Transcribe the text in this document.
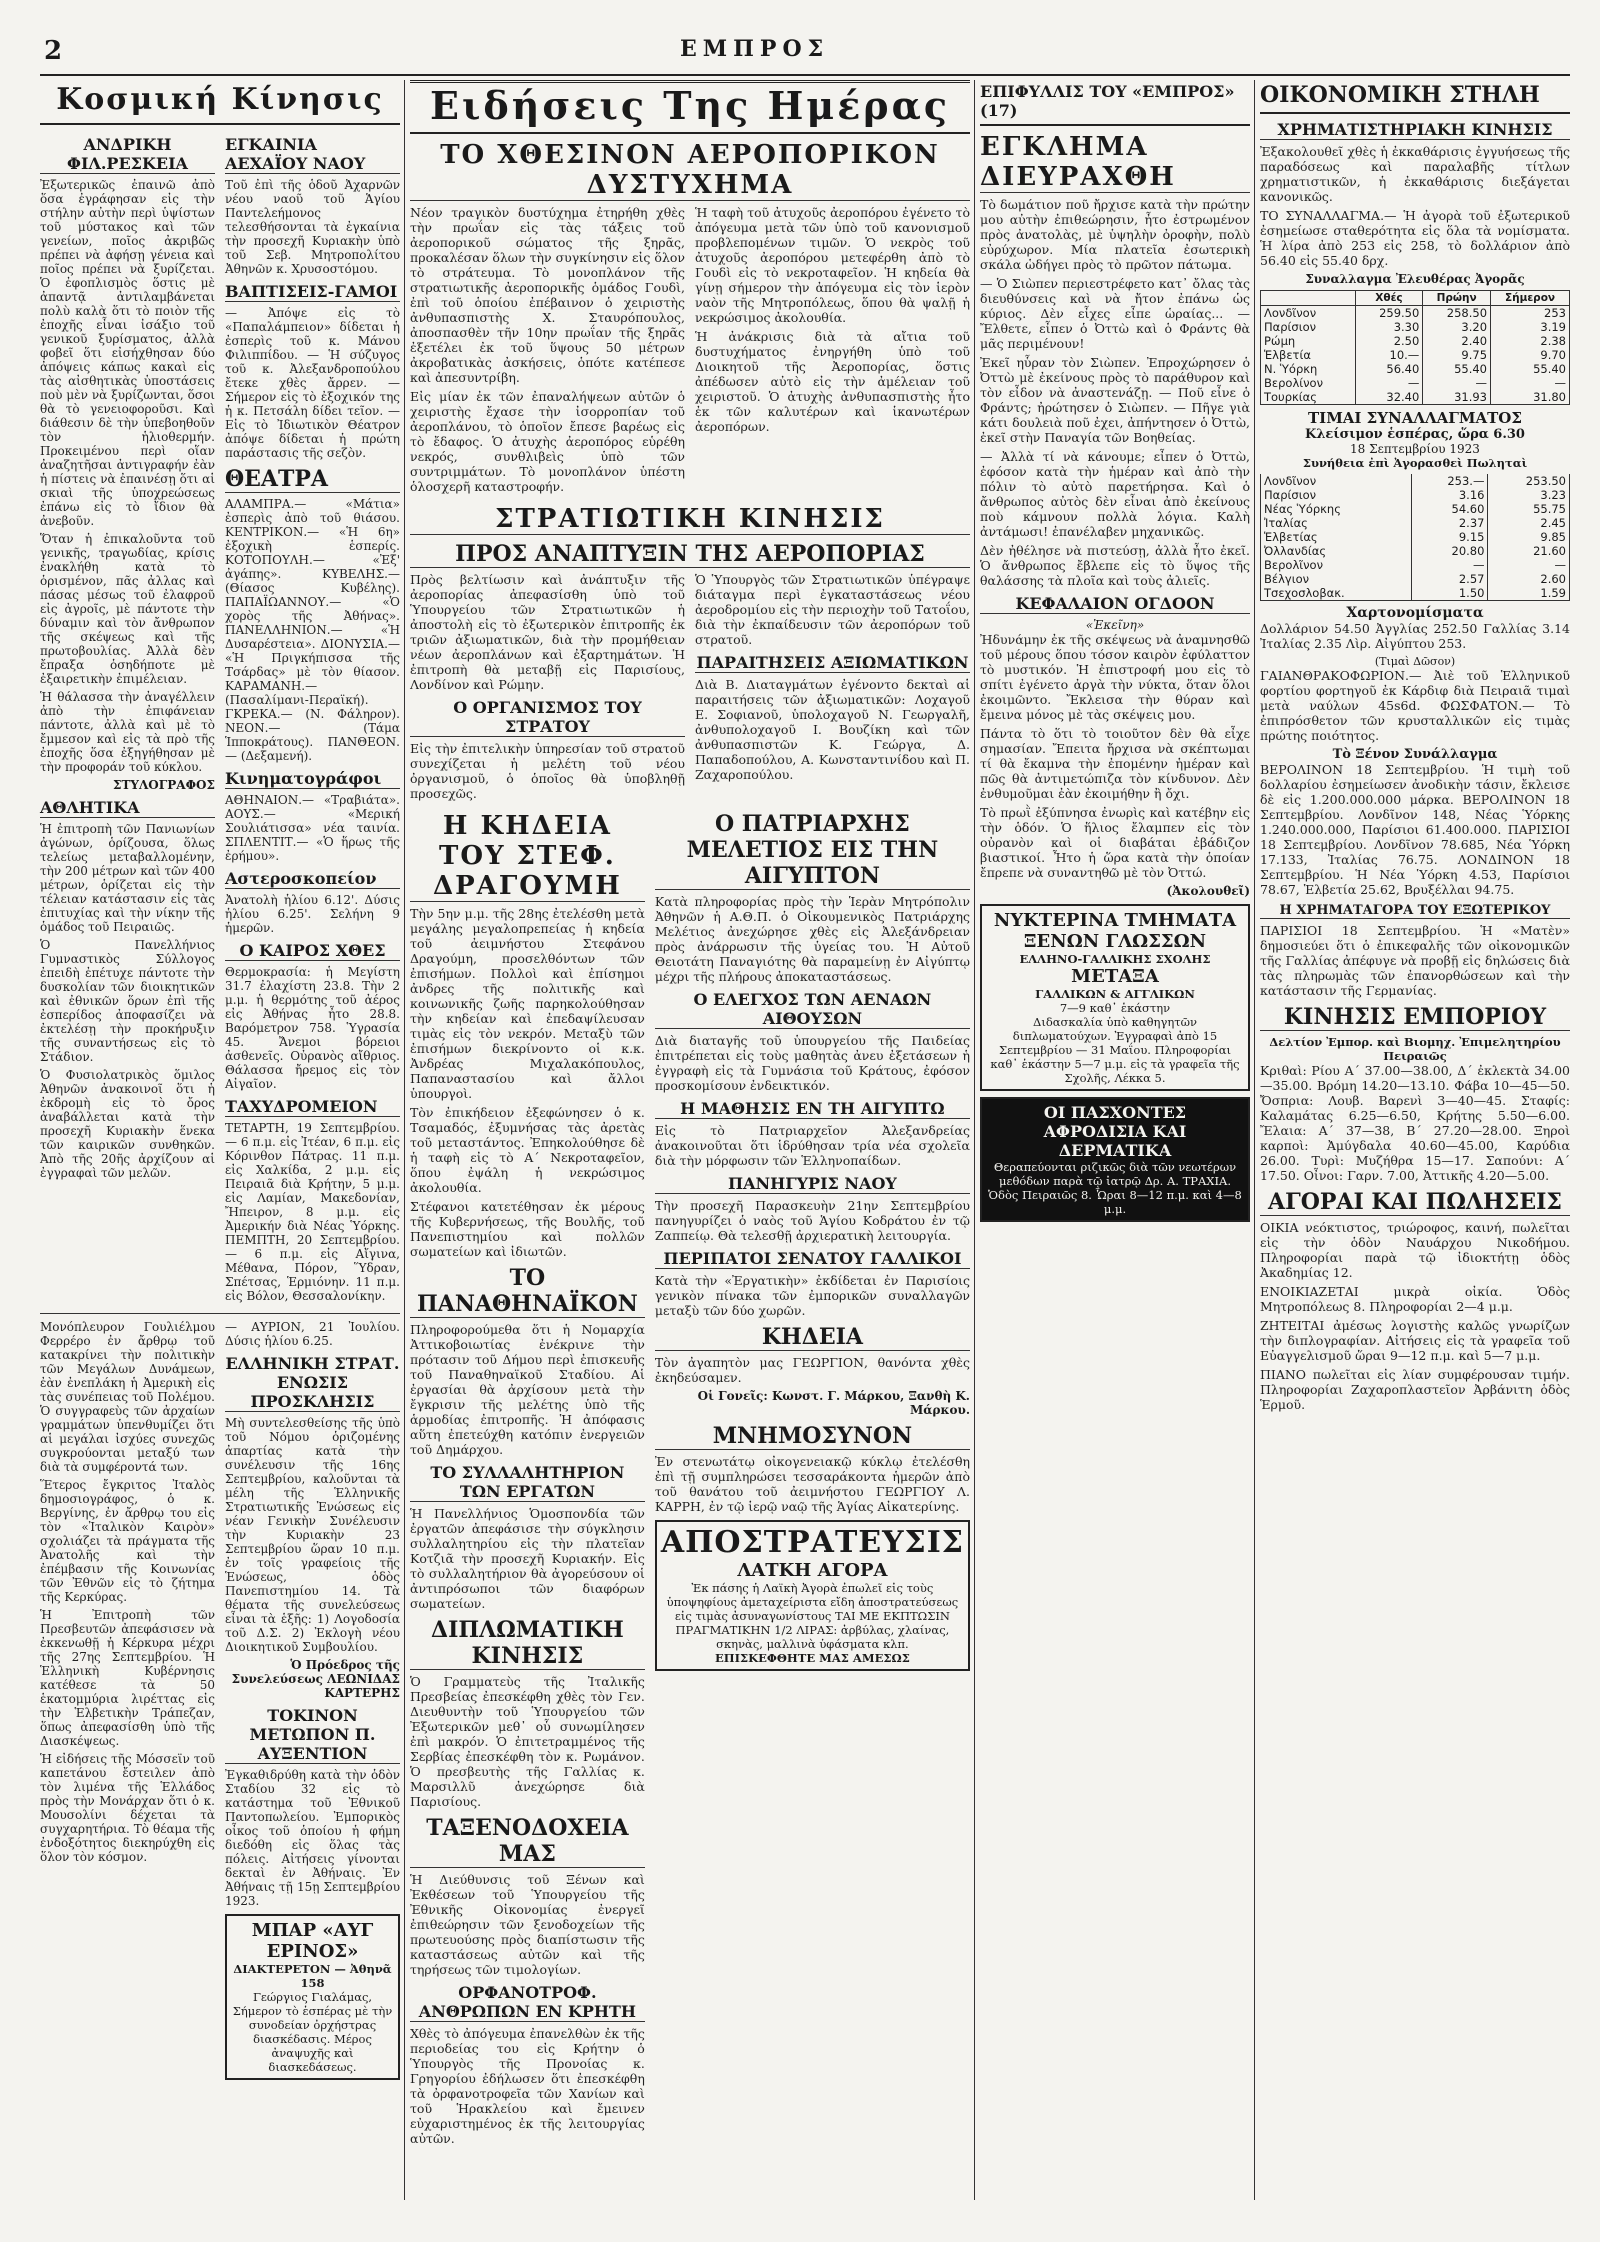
2	ΕΜΠΡΟΣ
Κοσμική Κίνησις
ΑΝΔΡΙΚΗ ΦΙΛ.ΡΕΣΚΕΙΑ

Ἐξωτερικῶς ἐπαινῶ ἀπὸ ὅσα ἐγράφησαν εἰς τὴν στήλην αὐτὴν περὶ ὑψίστων τοῦ μύστακος καὶ τῶν γενείων, ποῖος ἀκριβῶς πρέπει νὰ ἀφήσῃ γένεια καὶ ποῖος πρέπει νὰ ξυρίζεται. Ὁ ἐφοπλισμὸς ὅστις μὲ ἀπαντᾷ ἀντιλαμβάνεται πολὺ καλὰ ὅτι τὸ ποιὸν τῆς ἐποχῆς εἶναι ἰσάξιο τοῦ γενικοῦ ξυρίσματος, ἀλλὰ φοβεῖ ὅτι εἰσήχθησαν δύο ἀπόψεις κάπως κακαὶ εἰς τὰς αἰσθητικὰς ὑποστάσεις ποὺ μὲν νὰ ξυρίζωνται, ὅσοι θὰ τὸ γενειοφοροῦσι. Καὶ διάθεσιν δὲ τὴν ὑπεβοηθοῦν τὸν ἡλιοθερμήν. Προκειμένου περὶ οἵαν ἀναζητῆσαι ἀντιγραφήν ἐὰν ἡ πίστεις νὰ ἐπαινέσῃ ὅτι αἱ σκιαὶ τῆς ὑποχρεώσεως ἐπάνω εἰς τὸ ἴδιον θὰ ἀνεβοῦν.

Ὅταν ἡ ἐπικαλοῦντα τοῦ γενικῆς, τραγωδίας, κρίσις ἐνακλήθη κατὰ τὸ ὁρισμένον, πᾶς ἀλλας καὶ πάσας μέσως τοῦ ἐλαφροῦ εἰς ἀγροῖς, μὲ πάντοτε τὴν δύναμιν καὶ τὸν ἄνθρωπον τῆς σκέψεως καὶ τῆς πρωτοβουλίας. Ἀλλὰ δὲν ἔπραξα ὁσηδήποτε μὲ ἐξαιρετικὴν ἐπιμέλειαν.

Ἡ θάλασσα τὴν ἀναγέλλειν ἀπὸ τὴν ἐπιφάνειαν πάντοτε, ἀλλὰ καὶ μὲ τὸ ἔμμεσον καὶ εἰς τὰ πρὸ τῆς ἐποχῆς ὅσα ἐξηγήθησαν μὲ τὴν προφοράν τοῦ κύκλου.

ΣΤΥΛΟΓΡΑΦΟΣ
ΑΘΛΗΤΙΚΑ

Ἡ ἐπιτροπὴ τῶν Πανιωνίων ἀγώνων, ὁρίζουσα, ὅλως τελείως μεταβαλλομένην, τὴν 200 μέτρων καὶ τῶν 400 μέτρων, ὁρίζεται εἰς τὴν τέλειαν κατάστασιν εἰς τὰς ἐπιτυχίας καὶ τὴν νίκην τῆς ὁμάδος τοῦ Πειραιῶς.

Ὁ Πανελλήνιος Γυμναστικὸς Σύλλογος ἐπειδὴ ἐπέτυχε πάντοτε τὴν δυσκολίαν τῶν διοικητικῶν καὶ ἐθνικῶν ὅρων ἐπὶ τῆς ἐσπερίδος ἀποφασίζει νὰ ἐκτελέσῃ τὴν προκήρυξιν τῆς συναντήσεως εἰς τὸ Στάδιον.

Ὁ Φυσιολατρικὸς ὅμιλος Ἀθηνῶν ἀνακοινοῖ ὅτι ἡ ἐκδρομὴ εἰς τὸ ὄρος ἀναβάλλεται κατὰ τὴν προσεχῆ Κυριακὴν ἕνεκα τῶν καιρικῶν συνθηκῶν. Ἀπὸ τῆς 20ῆς ἀρχίζουν αἱ ἐγγραφαὶ τῶν μελῶν.

ΕΓΚΑΙΝΙΑ ΑΕΧΑΪΟΥ ΝΑΟΥ

Τοῦ ἐπὶ τῆς ὁδοῦ Ἀχαρνῶν νέου ναοῦ τοῦ Ἁγίου Παντελεήμονος τελεσθήσονται τὰ ἐγκαίνια τὴν προσεχῆ Κυριακὴν ὑπὸ τοῦ Σεβ. Μητροπολίτου Ἀθηνῶν κ. Χρυσοστόμου.

ΒΑΠΤΙΣΕΙΣ-ΓΑΜΟΙ

— Ἀπόψε εἰς τὸ «Παπαλάμπειον» δίδεται ἡ ἐσπερὶς τοῦ κ. Μάνου Φιλιππίδου. — Ἡ σύζυγος τοῦ κ. Ἀλεξανδροπούλου ἔτεκε χθὲς ἄρρεν. — Σήμερον εἰς τὸ ἐξοχικόν της ἡ κ. Πετσάλη δίδει τεῖον. — Εἰς τὸ Ἰδιωτικὸν Θέατρον ἀπόψε δίδεται ἡ πρώτη παράστασις τῆς σεζὸν.

ΘΕΑΤΡΑ

ΑΛΑΜΠΡΑ.— «Μάτια» ἐσπερὶς ἀπὸ τοῦ θιάσου. ΚΕΝΤΡΙΚΟΝ.— «Ἡ 6η» ἐξοχικὴ ἑσπερίς. ΚΟΤΟΠΟΥΛΗ.— «Ἐξ' ἀγάπης». ΚΥΒΕΛΗΣ.— (Θίασος Κυβέλης). ΠΑΠΑΪΩΑΝΝΟΥ.— «Ὁ χορὸς τῆς Ἀθήνας». ΠΑΝΕΛΛΗΝΙΟΝ.— «Ἡ Δυσαρέστεια». ΔΙΟΝΥΣΙΑ.— «Ἡ Πριγκήπισσα τῆς Τσάρδας» μὲ τὸν θίασον. ΚΑΡΑΜΑΝΗ.— (Πασαλίμανι-Περαϊκή). ΓΚΡΕΚΑ.— (Ν. Φάληρον). ΝΕΟΝ.— (Τάμα Ἱπποκράτους). ΠΑΝΘΕΟΝ.— (Δεξαμενή).

Κινηματογράφοι

ΑΘΗΝΑΙΟΝ.— «Τραβιάτα». ΑΟΥΣ.— «Μερική Σουλιάτισσα» νέα ταινία. ΣΠΛΕΝΤΙΤ.— «Ὁ ἥρως τῆς ἐρήμου».

Αστεροσκοπείον

Ἀνατολὴ ἡλίου 6.12'. Δύσις ἡλίου 6.25'. Σελήνη 9 ἡμερῶν.

Ο ΚΑΙΡΟΣ ΧΘΕΣ

Θερμοκρασία: ἡ Μεγίστη 31.7 ἐλαχίστη 23.8. Τὴν 2 μ.μ. ἡ θερμότης τοῦ ἀέρος εἰς Ἀθήνας ἦτο 28.8. Βαρόμετρον 758. Ὑγρασία 45. Ἄνεμοι βόρειοι ἀσθενεῖς. Οὐρανὸς αἴθριος. Θάλασσα ἤρεμος εἰς τὸν Αἰγαῖον.

ΤΑΧΥΔΡΟΜΕΙΟΝ

ΤΕΤΑΡΤΗ, 19 Σεπτεμβρίου.— 6 π.μ. εἰς Ἰτέαν, 6 π.μ. εἰς Κόρινθον Πάτρας. 11 π.μ. εἰς Χαλκίδα, 2 μ.μ. εἰς Πειραιᾶ διὰ Κρήτην, 5 μ.μ. εἰς Λαμίαν, Μακεδονίαν, Ἤπειρον, 8 μ.μ. εἰς Ἀμερικήν διὰ Νέας Ὑόρκης. ΠΕΜΠΤΗ, 20 Σεπτεμβρίου.— 6 π.μ. εἰς Αἴγινα, Μέθανα, Πόρον, Ὕδραν, Σπέτσας, Ἑρμιόνην. 11 π.μ. εἰς Βόλον, Θεσσαλονίκην.

Μονόπλευρον Γουλιέλμου Φερρέρο ἐν ἄρθρῳ τοῦ κατακρίνει τὴν πολιτικὴν τῶν Μεγάλων Δυνάμεων, ἐὰν ἐνεπλάκη ἡ Ἀμερικὴ εἰς τὰς συνέπειας τοῦ Πολέμου. Ὁ συγγραφεὺς τῶν ἀρχαίων γραμμάτων ὑπενθυμίζει ὅτι αἱ μεγάλαι ἰσχύες συνεχῶς συγκρούονται μεταξύ των διὰ τὰ συμφέροντά των.

Ἕτερος ἔγκριτος Ἰταλὸς δημοσιογράφος, ὁ κ. Βεργίνης, ἐν ἄρθρῳ του εἰς τὸν «Ἰταλικὸν Καιρὸν» σχολιάζει τὰ πράγματα τῆς Ἀνατολῆς καὶ τὴν ἐπέμβασιν τῆς Κοινωνίας τῶν Ἐθνῶν εἰς τὸ ζήτημα τῆς Κερκύρας.

Ἡ Ἐπιτροπὴ τῶν Πρεσβευτῶν ἀπεφάσισεν νὰ ἐκκενωθῇ ἡ Κέρκυρα μέχρι τῆς 27ης Σεπτεμβρίου. Ἡ Ἑλληνικὴ Κυβέρνησις κατέθεσε τὰ 50 ἑκατομμύρια λιρέττας εἰς τὴν Ἑλβετικὴν Τράπεζαν, ὅπως ἀπεφασίσθη ὑπὸ τῆς Διασκέψεως.

Ἡ εἰδήσεις τῆς Μόσσεϊν τοῦ καπετάνου ἔστειλεν ἀπὸ τὸν λιμένα τῆς Ἑλλάδος πρὸς τὴν Μονάρχαν ὅτι ὁ κ. Μουσολίνι δέχεται τὰ συγχαρητήρια. Τὸ θέαμα τῆς ἐνδοξότητος διεκηρύχθη εἰς ὅλον τὸν κόσμον.

— ΑΥΡΙΟΝ, 21 Ἰουλίου. Δύσις ἡλίου 6.25.

ΕΛΛΗΝΙΚΗ ΣΤΡΑΤ. ΕΝΩΣΙΣ ΠΡΟΣΚΛΗΣΙΣ

Μὴ συντελεσθείσης τῆς ὑπὸ τοῦ Νόμου ὁριζομένης ἀπαρτίας κατὰ τὴν συνέλευσιν τῆς 16ης Σεπτεμβρίου, καλοῦνται τὰ μέλη τῆς Ἑλληνικῆς Στρατιωτικῆς Ἑνώσεως εἰς νέαν Γενικὴν Συνέλευσιν τὴν Κυριακὴν 23 Σεπτεμβρίου ὥραν 10 π.μ. ἐν τοῖς γραφείοις τῆς Ἑνώσεως, ὁδὸς Πανεπιστημίου 14. Τὰ θέματα τῆς συνελεύσεως εἶναι τὰ ἑξῆς: 1) Λογοδοσία τοῦ Δ.Σ. 2) Ἐκλογὴ νέου Διοικητικοῦ Συμβουλίου.

Ὁ Πρόεδρος τῆς Συνελεύσεως ΛΕΩΝΙΔΑΣ ΚΑΡΤΕΡΗΣ
ΤΟΚΙΝΟΝ ΜΕΤΩΠΟΝ Π. ΑΥΞΕΝΤΙΟΝ

Ἐγκαθιδρύθη κατὰ τὴν ὁδὸν Σταδίου 32 εἰς τὸ κατάστημα τοῦ Ἐθνικοῦ Παντοπωλείου. Ἐμπορικὸς οἶκος τοῦ ὁποίου ἡ φήμη διεδόθη εἰς ὅλας τὰς πόλεις. Αἰτήσεις γίνονται δεκταὶ ἐν Ἀθήναις. Ἐν Ἀθήναις τῇ 15ῃ Σεπτεμβρίου 1923.

ΜΠΑΡ «ΑΥΓ ΕΡΙΝΟΣ»
ΔΙΑΚΤΕΡΕΤΟΝ — Ἀθηνᾶ 158
Γεώργιος Γιαλάμας, Σήμερον τὸ ἑσπέρας μὲ τὴν συνοδείαν ὀρχήστρας διασκέδασις. Μέρος ἀναψυχῆς καὶ διασκεδάσεως.
Ειδήσεις Της Ημέρας
ΤΟ ΧΘΕΣΙΝΟΝ ΑΕΡΟΠΟΡΙΚΟΝ ΔΥΣΤΥΧΗΜΑ

Νέον τραγικὸν δυστύχημα ἐτηρήθη χθὲς τὴν πρωΐαν εἰς τὰς τάξεις τοῦ ἀεροπορικοῦ σώματος τῆς ξηρᾶς, προκαλέσαν ὅλων τὴν συγκίνησιν εἰς ὅλον τὸ στράτευμα. Τὸ μονοπλάνον τῆς στρατιωτικῆς ἀεροπορικῆς ὁμάδος Γουδὶ, ἐπὶ τοῦ ὁποίου ἐπέβαινον ὁ χειριστὴς ἀνθυπασπιστὴς Χ. Σταυρόπουλος, ἀποσπασθὲν τῆν 10ην πρωΐαν τῆς ξηρᾶς ἐξετέλει ἐκ τοῦ ὕψους 50 μέτρων ἀκροβατικὰς ἀσκήσεις, ὁπότε κατέπεσε καὶ ἀπεσυντρίβη.

Εἰς μίαν ἐκ τῶν ἐπαναλήψεων αὐτῶν ὁ χειριστὴς ἔχασε τὴν ἰσορροπίαν τοῦ ἀεροπλάνου, τὸ ὁποῖον ἔπεσε βαρέως εἰς τὸ ἔδαφος. Ὁ ἀτυχὴς ἀεροπόρος εὑρέθη νεκρός, συνθλιβεὶς ὑπὸ τῶν συντριμμάτων. Τὸ μονοπλάνον ὑπέστη ὁλοσχερῆ καταστροφήν.

Ἡ ταφὴ τοῦ ἀτυχοῦς ἀεροπόρου ἐγένετο τὸ ἀπόγευμα μετὰ τῶν ὑπὸ τοῦ κανονισμοῦ προβλεπομένων τιμῶν. Ὁ νεκρὸς τοῦ ἀτυχοῦς ἀεροπόρου μετεφέρθη ἀπὸ τὸ Γουδὶ εἰς τὸ νεκροταφεῖον. Ἡ κηδεία θὰ γίνῃ σήμερον τὴν ἀπόγευμα εἰς τὸν ἱερὸν ναὸν τῆς Μητροπόλεως, ὅπου θὰ ψαλῇ ἡ νεκρώσιμος ἀκολουθία.

Ἡ ἀνάκρισις διὰ τὰ αἴτια τοῦ δυστυχήματος ἐνηργήθη ὑπὸ τοῦ Διοικητοῦ τῆς Ἀεροπορίας, ὅστις ἀπέδωσεν αὐτὸ εἰς τὴν ἀμέλειαν τοῦ χειριστοῦ. Ὁ ἀτυχὴς ἀνθυπασπιστὴς ἦτο ἐκ τῶν καλυτέρων καὶ ἱκανωτέρων ἀεροπόρων.

ΣΤΡΑΤΙΩΤΙΚΗ ΚΙΝΗΣΙΣ
ΠΡΟΣ ΑΝΑΠΤΥΞΙΝ ΤΗΣ ΑΕΡΟΠΟΡΙΑΣ

Πρὸς βελτίωσιν καὶ ἀνάπτυξιν τῆς ἀεροπορίας ἀπεφασίσθη ὑπὸ τοῦ Ὑπουργείου τῶν Στρατιωτικῶν ἡ ἀποστολὴ εἰς τὸ ἐξωτερικὸν ἐπιτροπῆς ἐκ τριῶν ἀξιωματικῶν, διὰ τὴν προμήθειαν νέων ἀεροπλάνων καὶ ἐξαρτημάτων. Ἡ ἐπιτροπὴ θὰ μεταβῇ εἰς Παρισίους, Λονδίνον καὶ Ρώμην.

Ο ΟΡΓΑΝΙΣΜΟΣ ΤΟΥ ΣΤΡΑΤΟΥ

Εἰς τὴν ἐπιτελικὴν ὑπηρεσίαν τοῦ στρατοῦ συνεχίζεται ἡ μελέτη τοῦ νέου ὀργανισμοῦ, ὁ ὁποῖος θὰ ὑποβληθῇ προσεχῶς.

Ὁ Ὑπουργὸς τῶν Στρατιωτικῶν ὑπέγραψε διάταγμα περὶ ἐγκαταστάσεως νέου ἀεροδρομίου εἰς τὴν περιοχὴν τοῦ Τατοΐου, διὰ τὴν ἐκπαίδευσιν τῶν ἀεροπόρων τοῦ στρατοῦ.

ΠΑΡΑΙΤΗΣΕΙΣ ΑΞΙΩΜΑΤΙΚΩΝ

Διὰ Β. Διαταγμάτων ἐγένοντο δεκταὶ αἱ παραιτήσεις τῶν ἀξιωματικῶν: Λοχαγοῦ Ε. Σοφιανοῦ, ὑπολοχαγοῦ Ν. Γεωργαλῆ, ἀνθυπολοχαγοῦ Ι. Βουζίκη καὶ τῶν ἀνθυπασπιστῶν Κ. Γεώργα, Δ. Παπαδοπούλου, Α. Κωνσταντινίδου καὶ Π. Ζαχαροπούλου.

Η ΚΗΔΕΙΑ ΤΟΥ ΣΤΕΦ. ΔΡΑΓΟΥΜΗ

Τὴν 5ην μ.μ. τῆς 28ης ἐτελέσθη μετὰ μεγάλης μεγαλοπρεπείας ἡ κηδεία τοῦ ἀειμνήστου Στεφάνου Δραγούμη, προσελθόντων τῶν ἐπισήμων. Πολλοὶ καὶ ἐπίσημοι ἀνδρες τῆς πολιτικῆς καὶ κοινωνικῆς ζωῆς παρηκολούθησαν τὴν κηδείαν καὶ ἐπεδαψίλευσαν τιμὰς εἰς τὸν νεκρόν. Μεταξὺ τῶν ἐπισήμων διεκρίνοντο οἱ κ.κ. Ἀνδρέας Μιχαλακόπουλος, Παπαναστασίου καὶ ἄλλοι ὑπουργοὶ.

Τὸν ἐπικήδειον ἐξεφώνησεν ὁ κ. Τσαμαδός, ἐξυμνήσας τὰς ἀρετὰς τοῦ μεταστάντος. Ἐπηκολούθησε δὲ ἡ ταφὴ εἰς τὸ Α΄ Νεκροταφεῖον, ὅπου ἐψάλη ἡ νεκρώσιμος ἀκολουθία.

Στέφανοι κατετέθησαν ἐκ μέρους τῆς Κυβερνήσεως, τῆς Βουλῆς, τοῦ Πανεπιστημίου καὶ πολλῶν σωματείων καὶ ἰδιωτῶν.

ΤΟ ΠΑΝΑΘΗΝΑΪΚΟΝ

Πληροφορούμεθα ὅτι ἡ Νομαρχία Ἀττικοβοιωτίας ἐνέκρινε τὴν πρότασιν τοῦ Δήμου περὶ ἐπισκευῆς τοῦ Παναθηναϊκοῦ Σταδίου. Αἱ ἐργασίαι θὰ ἀρχίσουν μετὰ τὴν ἔγκρισιν τῆς μελέτης ὑπὸ τῆς ἁρμοδίας ἐπιτροπῆς. Ἡ ἀπόφασις αὕτη ἐπετεύχθη κατόπιν ἐνεργειῶν τοῦ Δημάρχου.

ΤΟ ΣΥΛΛΑΛΗΤΗΡΙΟΝ ΤΩΝ ΕΡΓΑΤΩΝ

Ἡ Πανελλήνιος Ὁμοσπονδία τῶν ἐργατῶν ἀπεφάσισε τὴν σύγκλησιν συλλαλητηρίου εἰς τὴν πλατεῖαν Κοτζιᾶ τὴν προσεχῆ Κυριακήν. Εἰς τὸ συλλαλητήριον θὰ ἀγορεύσουν οἱ ἀντιπρόσωποι τῶν διαφόρων σωματείων.

ΔΙΠΛΩΜΑΤΙΚΗ ΚΙΝΗΣΙΣ

Ὁ Γραμματεὺς τῆς Ἰταλικῆς Πρεσβείας ἐπεσκέφθη χθὲς τὸν Γεν. Διευθυντὴν τοῦ Ὑπουργείου τῶν Ἐξωτερικῶν μεθ᾽ οὗ συνωμίλησεν ἐπὶ μακρόν. Ὁ ἐπιτετραμμένος τῆς Σερβίας ἐπεσκέφθη τὸν κ. Ρωμάνον. Ὁ πρεσβευτὴς τῆς Γαλλίας κ. Μαρσιλλῦ ἀνεχώρησε διὰ Παρισίους.

ΤΑΞΕΝΟΔΟΧΕΙΑ ΜΑΣ

Ἡ Διεύθυνσις τοῦ Ξένων καὶ Ἐκθέσεων τοῦ Ὑπουργείου τῆς Ἐθνικῆς Οἰκονομίας ἐνεργεῖ ἐπιθεώρησιν τῶν ξενοδοχείων τῆς πρωτευούσης πρὸς διαπίστωσιν τῆς καταστάσεως αὐτῶν καὶ τῆς τηρήσεως τῶν τιμολογίων.

ΟΡΦΑΝΟΤΡΟΦ. ΑΝΘΡΩΠΩΝ ΕΝ ΚΡΗΤΗ

Χθὲς τὸ ἀπόγευμα ἐπανελθὼν ἐκ τῆς περιοδείας του εἰς Κρήτην ὁ Ὑπουργὸς τῆς Προνοίας κ. Γρηγορίου ἐδήλωσεν ὅτι ἐπεσκέφθη τὰ ὀρφανοτροφεῖα τῶν Χανίων καὶ τοῦ Ἡρακλείου καὶ ἔμεινεν εὐχαριστημένος ἐκ τῆς λειτουργίας αὐτῶν.

Ο ΠΑΤΡΙΑΡΧΗΣ ΜΕΛΕΤΙΟΣ ΕΙΣ ΤΗΝ ΑΙΓΥΠΤΟΝ

Κατὰ πληροφορίας πρὸς τὴν Ἱερὰν Μητρόπολιν Ἀθηνῶν ἡ Α.Θ.Π. ὁ Οἰκουμενικὸς Πατριάρχης Μελέτιος ἀνεχώρησε χθὲς εἰς Ἀλεξάνδρειαν πρὸς ἀνάρρωσιν τῆς ὑγείας του. Ἡ Αὐτοῦ Θειοτάτη Παναγιότης θὰ παραμείνῃ ἐν Αἰγύπτῳ μέχρι τῆς πλήρους ἀποκαταστάσεως.

Ο ΕΛΕΓΧΟΣ ΤΩΝ ΑΕΝΑΩΝ ΑΙΘΟΥΣΩΝ

Διὰ διαταγῆς τοῦ ὑπουργείου τῆς Παιδείας ἐπιτρέπεται εἰς τοὺς μαθητὰς ἀνευ ἐξετάσεων ἡ ἐγγραφὴ εἰς τὰ Γυμνάσια τοῦ Κράτους, ἐφόσον προσκομίσουν ἐνδεικτικόν.

Η ΜΑΘΗΣΙΣ ΕΝ ΤΗ ΑΙΓΥΠΤΩ

Εἰς τὸ Πατριαρχεῖον Ἀλεξανδρείας ἀνακοινοῦται ὅτι ἱδρύθησαν τρία νέα σχολεῖα διὰ τὴν μόρφωσιν τῶν Ἑλληνοπαίδων.

ΠΑΝΗΓΥΡΙΣ ΝΑΟΥ

Τὴν προσεχῆ Παρασκευὴν 21ην Σεπτεμβρίου πανηγυρίζει ὁ ναὸς τοῦ Ἁγίου Κοδράτου ἐν τῷ Ζαππείῳ. Θὰ τελεσθῇ ἀρχιερατικὴ λειτουργία.

ΠΕΡΙΠΑΤΟΙ ΣΕΝΑΤΟΥ ΓΑΛΛΙΚΟΙ

Κατὰ τὴν «Ἐργατικὴν» ἐκδίδεται ἐν Παρισίοις γενικὸν πίνακα τῶν ἐμπορικῶν συναλλαγῶν μεταξὺ τῶν δύο χωρῶν.

ΚΗΔΕΙΑ

Τὸν ἀγαπητὸν μας ΓΕΩΡΓΙΟΝ, θανόντα χθὲς ἐκηδεύσαμεν.

Οἱ Γονεῖς: Κωνστ. Γ. Μάρκου, Ξανθὴ Κ. Μάρκου.
ΜΝΗΜΟΣΥΝΟΝ

Ἐν στενωτάτῳ οἰκογενειακῷ κύκλῳ ἐτελέσθη ἐπὶ τῇ συμπληρώσει τεσσαράκοντα ἡμερῶν ἀπὸ τοῦ θανάτου τοῦ ἀειμνήστου ΓΕΩΡΓΙΟΥ Λ. ΚΑΡΡΗ, ἐν τῷ ἱερῷ ναῷ τῆς Ἁγίας Αἰκατερίνης.

ΑΠΟΣΤΡΑΤΕΥΣΙΣ
ΛΑΤΚΗ ΑΓΟΡΑ
Ἐκ πάσης ἡ Λαϊκὴ Ἀγορὰ ἐπωλεῖ εἰς τοὺς ὑποψηφίους ἀμεταχείριστα εἴδη ἀποστρατεύσεως εἰς τιμὰς ἀσυναγωνίστους ΤΑΙ ΜΕ ΕΚΠΤΩΣΙΝ ΠΡΑΓΜΑΤΙΚΗΝ 1/2 ΛΙΡΑΣ: ἀρβύλας, χλαίνας, σκηνὰς, μαλλινὰ ὑφάσματα κλπ.
ΕΠΙΣΚΕΦΘΗΤΕ ΜΑΣ ΑΜΕΣΩΣ
ΕΠΙΦΥΛΛΙΣ ΤΟΥ «ΕΜΠΡΟΣ» (17)
ΕΓΚΛΗΜΑ ΔΙΕΥΡΑΧΘΗ

Τὸ δωμάτιον ποῦ ἤρχισε κατὰ τὴν πρώτην μου αὐτὴν ἐπιθεώρησιν, ἦτο ἐστρωμένον πρὸς ἀνατολὰς, μὲ ὑψηλὴν ὀροφὴν, πολὺ εὐρύχωρον. Μία πλατεῖα ἐσωτερικὴ σκάλα ὡδήγει πρὸς τὸ πρῶτον πάτωμα.

— Ὁ Σιὼπεν περιεστρέφετο κατ᾽ ὄλας τὰς διευθύνσεις καὶ νὰ ἤτον ἐπάνω ὡς κύριος. Δὲν εἶχες εἶπε ὡραίας... — Ἔλθετε, εἶπεν ὁ Ὀττὼ καὶ ὁ Φράντς θὰ μᾶς περιμένουν!

Ἐκεῖ ηὗραν τὸν Σιὼπεν. Ἐπροχώρησεν ὁ Ὀττὼ μὲ ἐκείνους πρὸς τὸ παράθυρον καὶ τὸν εἶδον νὰ ἀναστενάζῃ. — Ποῦ εἶνε ὁ Φράντς; ἠρώτησεν ὁ Σιὼπεν. — Πῆγε γιὰ κάτι δουλειὰ ποῦ ἐχει, ἀπήντησεν ὁ Ὀττὼ, ἐκεῖ στὴν Παναγία τῶν Βοηθείας.

— Ἀλλὰ τί νὰ κάνουμε; εἶπεν ὁ Ὀττὼ, ἐφόσον κατὰ τὴν ἡμέραν καὶ ἀπὸ τὴν πόλιν τὸ αὐτὸ παρετήρησα. Καὶ ὁ ἄνθρωπος αὐτὸς δὲν εἶναι ἀπὸ ἐκείνους ποὺ κάμνουν πολλὰ λόγια. Καλὴ ἀντάμωσι! ἐπανέλαβεν μηχανικῶς.

Δὲν ἠθέλησε νὰ πιστεύσῃ, ἀλλὰ ἦτο ἐκεῖ. Ὁ ἄνθρωπος ἔβλεπε εἰς τὸ ὕψος τῆς θαλάσσης τὰ πλοῖα καὶ τοὺς ἀλιεῖς.

ΚΕΦΑΛΑΙΟΝ ΟΓΔΟΟΝ
«Ἐκεῖνη»

Ἠδυνάμην ἐκ τῆς σκέψεως νὰ ἀναμνησθῶ τοῦ μέρους ὅπου τόσον καιρὸν ἐφύλαττον τὸ μυστικόν. Ἡ ἐπιστροφή μου εἰς τὸ σπίτι ἐγένετο ἀργὰ τὴν νύκτα, ὅταν ὅλοι ἐκοιμῶντο. Ἔκλεισα τὴν θύραν καὶ ἔμεινα μόνος μὲ τὰς σκέψεις μου.

Πάντα τὸ ὅτι τὸ τοιοῦτον δὲν θὰ εἶχε σημασίαν. Ἔπειτα ἤρχισα νὰ σκέπτωμαι τί θὰ ἔκαμνα τὴν ἐπομένην ἡμέραν καὶ πῶς θὰ ἀντιμετώπιζα τὸν κίνδυνον. Δὲν ἐνθυμοῦμαι ἐὰν ἐκοιμήθην ἢ ὄχι.

Τὸ πρωῒ ἐξύπνησα ἐνωρὶς καὶ κατέβην εἰς τὴν ὁδόν. Ὁ ἥλιος ἔλαμπεν εἰς τὸν οὐρανὸν καὶ οἱ διαβάται ἐβάδιζον βιαστικοί. Ἦτο ἡ ὥρα κατὰ τὴν ὁποίαν ἔπρεπε νὰ συναντηθῶ μὲ τὸν Ὀττώ.

(Ἀκολουθεῖ)
ΝΥΚΤΕΡΙΝΑ ΤΜΗΜΑΤΑ ΞΕΝΩΝ ΓΛΩΣΣΩΝ
ΕΛΛΗΝΟ-ΓΑΛΛΙΚΗΣ ΣΧΟΛΗΣ
ΜΕΤΑΞΑ
ΓΑΛΛΙΚΩΝ & ΑΓΓΛΙΚΩΝ
7—9 καθ᾽ ἑκάστην
Διδασκαλία ὑπὸ καθηγητῶν διπλωματούχων. Ἐγγραφαὶ ἀπὸ 15 Σεπτεμβρίου — 31 Μαΐου. Πληροφορίαι καθ᾽ ἑκάστην 5—7 μ.μ. εἰς τὰ γραφεῖα τῆς Σχολῆς, Λέκκα 5.
ΟΙ ΠΑΣΧΟΝΤΕΣ
ΑΦΡΟΔΙΣΙΑ ΚΑΙ ΔΕΡΜΑΤΙΚΑ
Θεραπεύονται ριζικῶς διὰ τῶν νεωτέρων μεθόδων παρὰ τῷ ἰατρῷ Δρ. Α. ΤΡΑΧΙΑ. Ὁδὸς Πειραιῶς 8. Ὧραι 8—12 π.μ. καὶ 4—8 μ.μ.
ΟΙΚΟΝΟΜΙΚΗ ΣΤΗΛΗ
ΧΡΗΜΑΤΙΣΤΗΡΙΑΚΗ ΚΙΝΗΣΙΣ

Ἐξακολουθεῖ χθὲς ἡ ἐκκαθάρισις ἐγγυήσεως τῆς παραδόσεως καὶ παραλαβῆς τίτλων χρηματιστικῶν, ἡ ἐκκαθάρισις διεξάγεται κανονικῶς.

ΤΟ ΣΥΝΑΛΛΑΓΜΑ.— Ἡ ἀγορὰ τοῦ ἐξωτερικοῦ ἐσημείωσε σταθερότητα εἰς ὅλα τὰ νομίσματα. Ἡ λίρα ἀπὸ 253 εἰς 258, τὸ δολλάριον ἀπὸ 56.40 εἰς 55.40 δρχ.

Συναλλαγμα Ἐλευθέρας Ἀγορᾶς
	Χθές	Πρώην	Σήμερον
Λονδῖνον	259.50	258.50	253
Παρίσιον	3.30	3.20	3.19
Ρώμη	2.50	2.40	2.38
Ἑλβετία	10.—	9.75	9.70
Ν. Ὑόρκη	56.40	55.40	55.40
Βερολίνον	—	—	—
Τουρκίας	32.40	31.93	31.80
ΤΙΜΑΙ ΣΥΝΑΛΛΑΓΜΑΤΟΣ
Κλείσιμον ἑσπέρας, ὥρα 6.30
18 Σεπτεμβρίου 1923
Συνήθεια ἐπὶ Ἀγορασθεὶ Πωληταὶ
Λονδῖνον	253.—	253.50
Παρίσιον	3.16	3.23
Νέας Ὑόρκης	54.60	55.75
Ἰταλίας	2.37	2.45
Ἑλβετίας	9.15	9.85
Ὀλλανδίας	20.80	21.60
Βερολῖνον	—	—
Βέλγιον	2.57	2.60
Τσεχοσλοβακ.	1.50	1.59
Χαρτονομίσματα

Δολλάριον 54.50 Ἀγγλίας 252.50 Γαλλίας 3.14 Ἰταλίας 2.35 Λὶρ. Αἰγύπτου 253.

(Τιμαὶ Δῶσον)

ΓΑΙΑΝΘΡΑΚΟΦΩΡΙΟΝ.— Ἀιὲ τοῦ Ἑλληνικοῦ φορτίου φορτηγοῦ ἐκ Κάρδιφ διὰ Πειραιᾶ τιμαὶ μετὰ ναύλων 45s6d. ΦΩΣΦΑΤΟΝ.— Τὸ ἐπιπρόσθετον τῶν κρυσταλλικῶν εἰς τιμὰς πρώτης ποιότητος.

Τὸ Ξένον Συνάλλαγμα

ΒΕΡΟΛΙΝΟΝ 18 Σεπτεμβρίου. Ἡ τιμὴ τοῦ δολλαρίου ἐσημείωσεν ἀνοδικὴν τάσιν, ἔκλεισε δὲ εἰς 1.200.000.000 μάρκα. ΒΕΡΟΛΙΝΟΝ 18 Σεπτεμβρίου. Λονδῖνον 148, Νέας Ὑόρκης 1.240.000.000, Παρίσιοι 61.400.000. ΠΑΡΙΣΙΟΙ 18 Σεπτεμβρίου. Λονδῖνον 78.685, Νέα Ὑόρκη 17.133, Ἰταλίας 76.75. ΛΟΝΔΙΝΟΝ 18 Σεπτεμβρίου. Ἡ Νέα Ὑόρκη 4.53, Παρίσιοι 78.67, Ἑλβετία 25.62, Βρυξέλλαι 94.75.

Η ΧΡΗΜΑΤΑΓΟΡΑ ΤΟΥ ΕΞΩΤΕΡΙΚΟΥ

ΠΑΡΙΣΙΟΙ 18 Σεπτεμβρίου. Ἡ «Ματὲν» δημοσιεύει ὅτι ὁ ἐπικεφαλῆς τῶν οἰκονομικῶν τῆς Γαλλίας ἀπέφυγε νὰ προβῇ εἰς δηλώσεις διὰ τὰς πληρωμὰς τῶν ἐπανορθώσεων καὶ τὴν κατάστασιν τῆς Γερμανίας.

ΚΙΝΗΣΙΣ ΕΜΠΟΡΙΟΥ
Δελτίον Ἐμπορ. καὶ Βιομηχ. Ἐπιμελητηρίου Πειραιῶς

Κριθαὶ: Ρίου Α΄ 37.00—38.00, Δ΄ ἐκλεκτὰ 34.00—35.00. Βρόμη 14.20—13.10. Φάβα 10—45—50. Ὄσπρια: Λουβ. Βαρενὶ 3—40—45. Σταφίς: Καλαμάτας 6.25—6.50, Κρήτης 5.50—6.00. Ἔλαια: Α΄ 37—38, Β΄ 27.20—28.00. Ξηροὶ καρποὶ: Ἀμύγδαλα 40.60—45.00, Καρύδια 26.00. Τυρὶ: Μυζήθρα 15—17. Σαπούνι: Α΄ 17.50. Οἶνοι: Γαρν. 7.00, Ἀττικῆς 4.20—5.00.

ΑΓΟΡΑΙ ΚΑΙ ΠΩΛΗΣΕΙΣ

ΟΙΚΙΑ νεόκτιστος, τριώροφος, καινή, πωλεῖται εἰς τὴν ὁδὸν Ναυάρχου Νικοδήμου. Πληροφορίαι παρὰ τῷ ἰδιοκτήτῃ ὁδὸς Ἀκαδημίας 12.

ΕΝΟΙΚΙΑΖΕΤΑΙ μικρὰ οἰκία. Ὁδὸς Μητροπόλεως 8. Πληροφορίαι 2—4 μ.μ.

ΖΗΤΕΙΤΑΙ ἀμέσως λογιστὴς καλῶς γνωρίζων τὴν διπλογραφίαν. Αἰτήσεις εἰς τὰ γραφεῖα τοῦ Εὐαγγελισμοῦ ὥραι 9—12 π.μ. καὶ 5—7 μ.μ.

ΠΙΑΝΟ πωλεῖται εἰς λίαν συμφέρουσαν τιμήν. Πληροφορίαι Ζαχαροπλαστεῖον Ἀρβάνιτη ὁδὸς Ἑρμοῦ.
